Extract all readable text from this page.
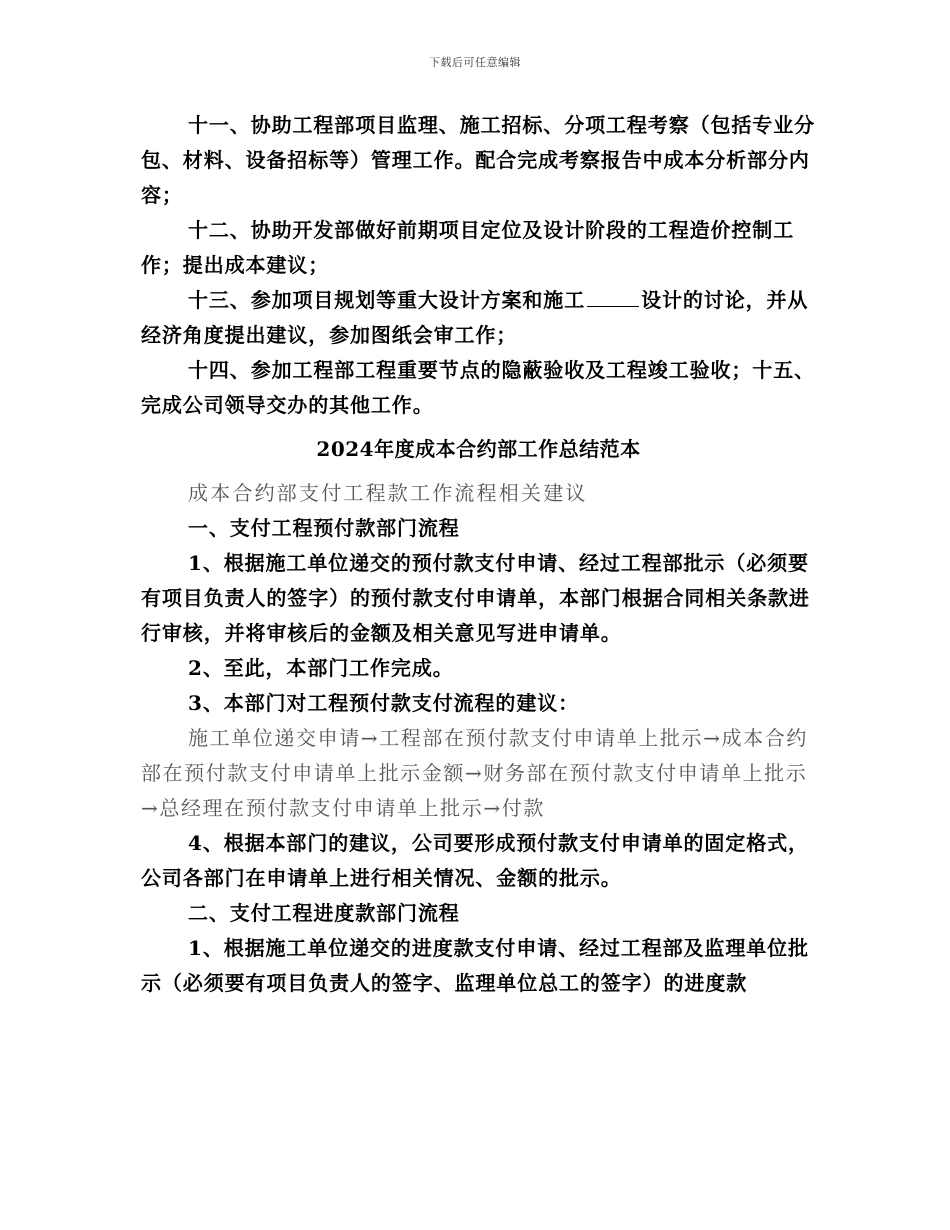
下载后可任意编辑

十一、协助工程部项目监理、施工招标、分项工程考察（包括专业分包、材料、设备招标等）管理工作。配合完成考察报告中成本分析部分内容；

十二、协助开发部做好前期项目定位及设计阶段的工程造价控制工作；提出成本建议；

十三、参加项目规划等重大设计方案和施工	设计的讨论，并从经济角度提出建议，参加图纸会审工作；

十四、参加工程部工程重要节点的隐蔽验收及工程竣工验收；十五、完成公司领导交办的其他工作。

2024年度成本合约部工作总结范本

成本合约部支付工程款工作流程相关建议

一、支付工程预付款部门流程

1、根据施工单位递交的预付款支付申请、经过工程部批示（必须要有项目负责人的签字）的预付款支付申请单，本部门根据合同相关条款进行审核，并将审核后的金额及相关意见写进申请单。

2、至此，本部门工作完成。

3、本部门对工程预付款支付流程的建议：

施工单位递交申请→工程部在预付款支付申请单上批示→成本合约部在预付款支付申请单上批示金额→财务部在预付款支付申请单上批示→总经理在预付款支付申请单上批示→付款

4、根据本部门的建议，公司要形成预付款支付申请单的固定格式，公司各部门在申请单上进行相关情况、金额的批示。

二、支付工程进度款部门流程

1、根据施工单位递交的进度款支付申请、经过工程部及监理单位批示（必须要有项目负责人的签字、监理单位总工的签字）的进度款
